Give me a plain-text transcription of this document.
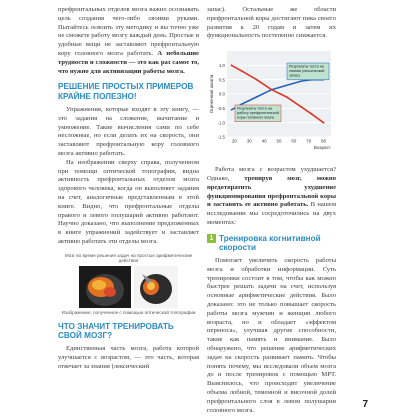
префронтальных отделов мозга важно осознавать цель создания чего-либо своими руками. Пытайтесь освоить эту методику и вы точно уже не сможете работу мозгу каждый день. Простые и удобные вещи не заставляют префронтальную кору головного мозга работать. А небольшие трудности и сложности — это как раз самое то, что нужно для активизации работы мозга.

РЕШЕНИЕ ПРОСТЫХ ПРИМЕРОВ КРАЙНЕ ПОЛЕЗНО!

Упражнения, которые входят в эту книгу, — это задания на сложение, вычитание и умножение. Такие вычисления сами по себе несложные, но если делать их на скорость, они заставляют префронтальную кору головного мозга активно работать.

На изображении сверху справа, полученном при помощи оптической топографии, видна активность префронтальных отделов мозга здорового человека, когда он выполняет задания на счет, аналогичные представленным в этой книге. Видно, что префронтальные отделы правого и левого полушарий активно работают. Научно доказано, что выполнение предложенных в книге упражнений задействует и заставляет активно работать эти отделы мозга.

Мозг во время решения задач на простые арифметические действия
Изображение, полученное с помощью оптической топографии
ЧТО ЗНАЧИТ ТРЕНИРОВАТЬ СВОЙ МОЗГ?

Единственная часть мозга, работа которой улучшается с возрастом, — это часть, которая отвечает за знания (лексический

запас). Остальные же области префронтальной коры достигают пика своего развития к 20 годам и затем их функциональность постепенно снижается.

1.0
0.5
0.0
-0.5
-1.0
-1.5
20 30 40 50 60 70 80
Возраст
Оценочная шкала
Результаты теста на
знания (лексический
запас)
Результаты теста на
работу префронтальной
коры головного мозга

Работа мозга с возрастом ухудшается? Однако, тренируя мозг, можно предотвратить ухудшение функционирования префронтальной коры и заставить ее активно работать. В нашем исследовании мы сосредоточились на двух моментах:

1 Тренировка когнитивной скорости

Помогает увеличить скорость работы мозга и обработки информации. Суть тренировки состоит в том, чтобы как можно быстрее решать задачи на счет, используя основные арифметические действия. Было доказано: это не только повышает скорость работы мозга мужчин и женщин любого возраста, но и обладает «эффектом переноса», улучшая другие способности, такие как память и внимание. Было обнаружено, что решение арифметических задач на скорость развивает память. Чтобы понять почему, мы исследовали объем мозга до и после тренировок с помощью МРТ. Выяснилось, что происходит увеличение объема лобной, теменной и височной долей префронтального слоя в левом полушарии головного мозга.	7
